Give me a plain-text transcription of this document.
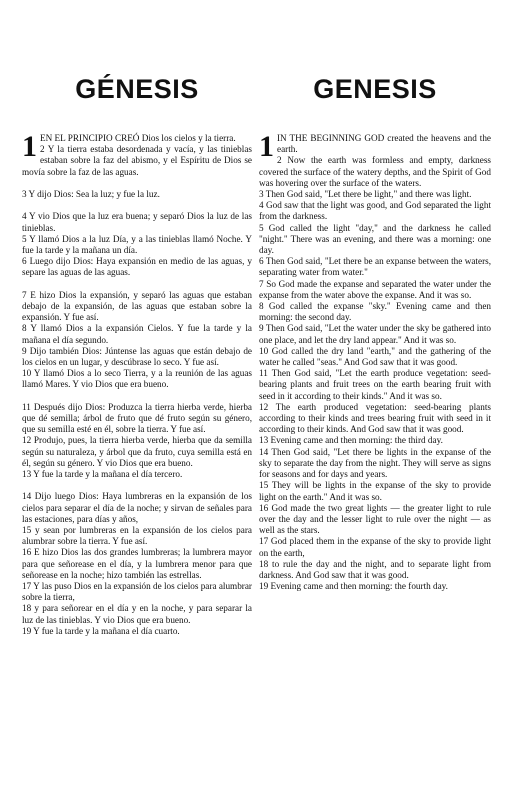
GÉNESIS
1 EN EL PRINCIPIO CREÓ Dios los cielos y la tierra.

2 Y la tierra estaba desordenada y vacía, y las tinieblas estaban sobre la faz del abismo, y el Espíritu de Dios se movía sobre la faz de las aguas.

3 Y dijo Dios: Sea la luz; y fue la luz.

4 Y vio Dios que la luz era buena; y separó Dios la luz de las tinieblas.

5 Y llamó Dios a la luz Día, y a las tinieblas llamó Noche. Y fue la tarde y la mañana un día.

6 Luego dijo Dios: Haya expansión en medio de las aguas, y separe las aguas de las aguas.

7 E hizo Dios la expansión, y separó las aguas que estaban debajo de la expansión, de las aguas que estaban sobre la expansión. Y fue así.

8 Y llamó Dios a la expansión Cielos. Y fue la tarde y la mañana el día segundo.

9 Dijo también Dios: Júntense las aguas que están debajo de los cielos en un lugar, y descúbrase lo seco. Y fue así.

10 Y llamó Dios a lo seco Tierra, y a la reunión de las aguas llamó Mares. Y vio Dios que era bueno.

11 Después dijo Dios: Produzca la tierra hierba verde, hierba que dé semilla; árbol de fruto que dé fruto según su género, que su semilla esté en él, sobre la tierra. Y fue así.

12 Produjo, pues, la tierra hierba verde, hierba que da semilla según su naturaleza, y árbol que da fruto, cuya semilla está en él, según su género. Y vio Dios que era bueno.

13 Y fue la tarde y la mañana el día tercero.

14 Dijo luego Dios: Haya lumbreras en la expansión de los cielos para separar el día de la noche; y sirvan de señales para las estaciones, para días y años,

15 y sean por lumbreras en la expansión de los cielos para alumbrar sobre la tierra. Y fue así.

16 E hizo Dios las dos grandes lumbreras; la lumbrera mayor para que señorease en el día, y la lumbrera menor para que señorease en la noche; hizo también las estrellas.

17 Y las puso Dios en la expansión de los cielos para alumbrar sobre la tierra,

18 y para señorear en el día y en la noche, y para separar la luz de las tinieblas. Y vio Dios que era bueno.

19 Y fue la tarde y la mañana el día cuarto.

GENESIS
1 IN THE BEGINNING GOD created the heavens and the earth.

2 Now the earth was formless and empty, darkness covered the surface of the watery depths, and the Spirit of God was hovering over the surface of the waters.

3 Then God said, "Let there be light," and there was light.

4 God saw that the light was good, and God separated the light from the darkness.

5 God called the light "day," and the darkness he called "night." There was an evening, and there was a morning: one day.

6 Then God said, "Let there be an expanse between the waters, separating water from water."

7 So God made the expanse and separated the water under the expanse from the water above the expanse. And it was so.

8 God called the expanse "sky." Evening came and then morning: the second day.

9 Then God said, "Let the water under the sky be gathered into one place, and let the dry land appear." And it was so.

10 God called the dry land "earth," and the gathering of the water he called "seas." And God saw that it was good.

11 Then God said, "Let the earth produce vegetation: seed-bearing plants and fruit trees on the earth bearing fruit with seed in it according to their kinds." And it was so.

12 The earth produced vegetation: seed-bearing plants according to their kinds and trees bearing fruit with seed in it according to their kinds. And God saw that it was good.

13 Evening came and then morning: the third day.

14 Then God said, "Let there be lights in the expanse of the sky to separate the day from the night. They will serve as signs for seasons and for days and years.

15 They will be lights in the expanse of the sky to provide light on the earth." And it was so.

16 God made the two great lights — the greater light to rule over the day and the lesser light to rule over the night — as well as the stars.

17 God placed them in the expanse of the sky to provide light on the earth,

18 to rule the day and the night, and to separate light from darkness. And God saw that it was good.

19 Evening came and then morning: the fourth day.
